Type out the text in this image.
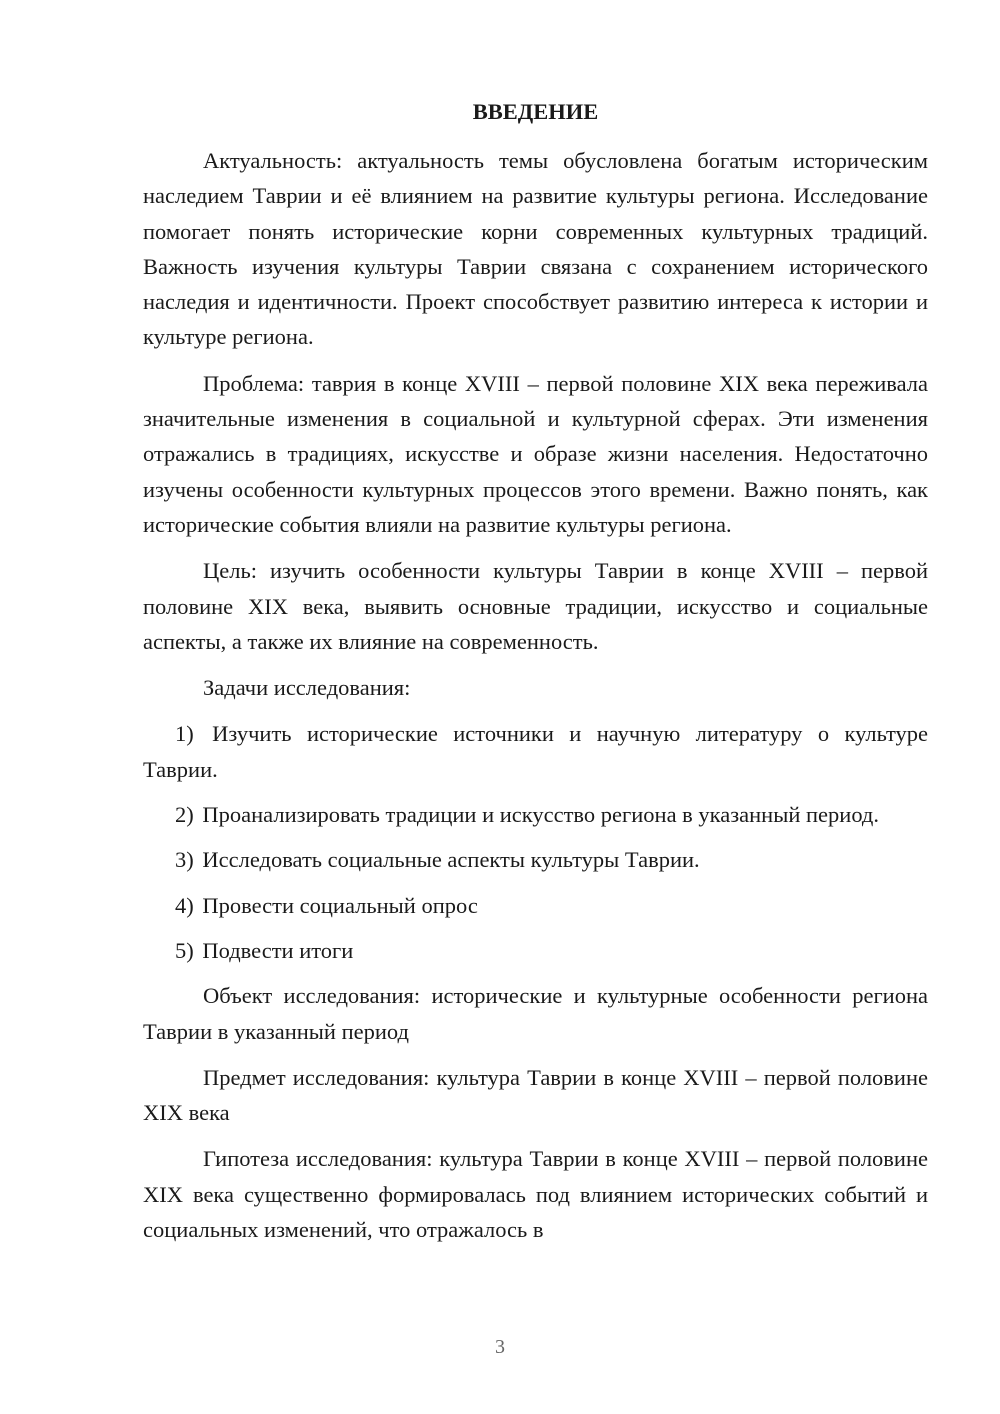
ВВЕДЕНИЕ

Актуальность: актуальность темы обусловлена богатым историческим наследием Таврии и её влиянием на развитие культуры региона. Исследование помогает понять исторические корни современных культурных традиций. Важность изучения культуры Таврии связана с сохранением исторического наследия и идентичности. Проект способствует развитию интереса к истории и культуре региона.

Проблема: таврия в конце XVIII – первой половине XIX века переживала значительные изменения в социальной и культурной сферах. Эти изменения отражались в традициях, искусстве и образе жизни населения. Недостаточно изучены особенности культурных процессов этого времени. Важно понять, как исторические события влияли на развитие культуры региона.

Цель: изучить особенности культуры Таврии в конце XVIII – первой половине XIX века, выявить основные традиции, искусство и социальные аспекты, а также их влияние на современность.

Задачи исследования:

1) Изучить исторические источники и научную литературу о культуре Таврии.

2) Проанализировать традиции и искусство региона в указанный период.

3) Исследовать социальные аспекты культуры Таврии.

4) Провести социальный опрос

5) Подвести итоги

Объект исследования: исторические и культурные особенности региона Таврии в указанный период

Предмет исследования: культура Таврии в конце XVIII – первой половине XIX века

Гипотеза исследования: культура Таврии в конце XVIII – первой половине XIX века существенно формировалась под влиянием исторических событий и социальных изменений, что отражалось в

3
